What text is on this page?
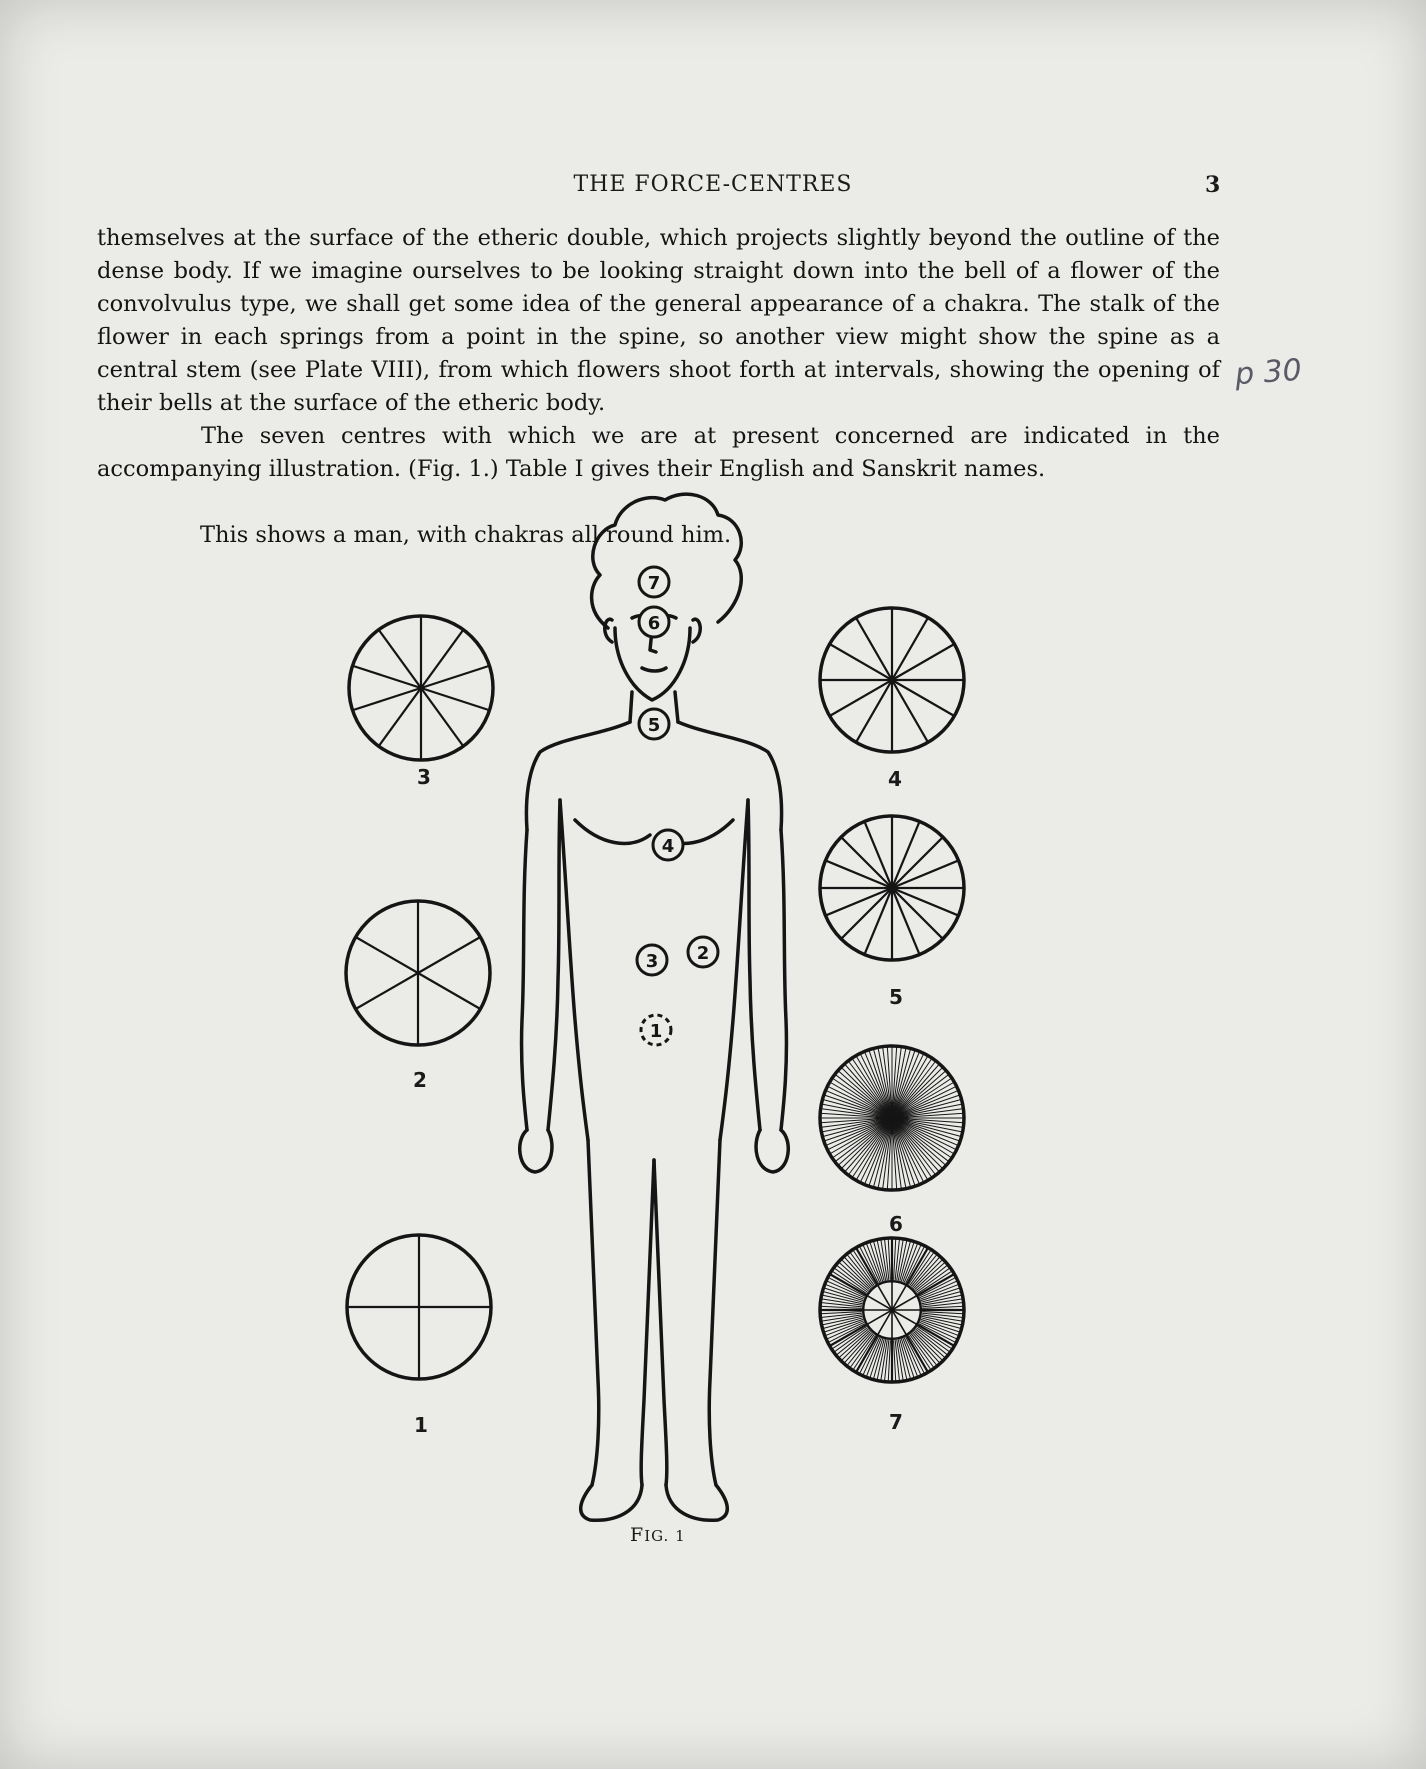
THE FORCE-CENTRES	3

themselves at the surface of the etheric double, which projects slightly beyond the outline of the dense body. If we imagine ourselves to be looking straight down into the bell of a flower of the convolvulus type, we shall get some idea of the general appearance of a chakra. The stalk of the flower in each springs from a point in the spine, so another view might show the spine as a central stem (see Plate VIII), from which flowers shoot forth at intervals, showing the opening of their bells at the surface of the etheric body.

The seven centres with which we are at present concerned are indicated in the accompanying illustration. (Fig. 1.) Table I gives their English and Sanskrit names.

This shows a man, with chakras all round him.
p 30
7
6
5
4
3 2
1
3	4
5
2
6
1	7
FIG. 1
